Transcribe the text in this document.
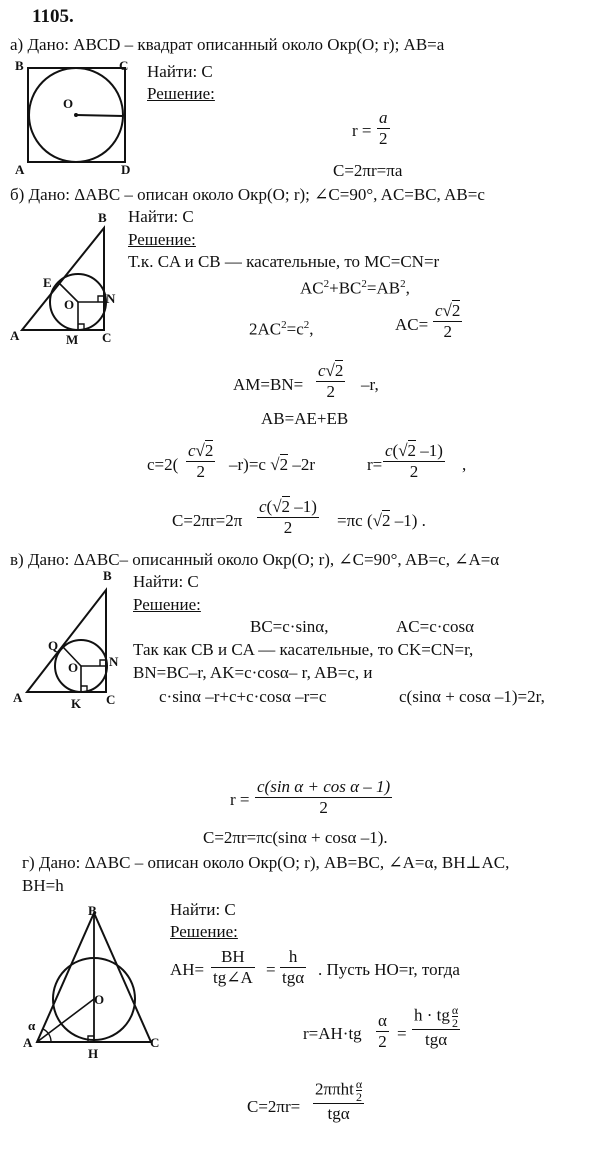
1105.
а) Дано: ABCD – квадрат описанный около Окр(O; r); AB=a
B	C
A	D
O
Найти: C
Решение:
$r = \frac{a}{2}$
C=2πr=πa
б) Дано: ΔABC – описан около Окр(O; r); ∠C=90°, AC=BC, AB=c
B
E
O N
A	M C
Найти: C
Решение:
Т.к. CA и CB — касательные, то MC=CN=r
$AC^2+BC^2=AB^2$,
$2AC^2=c^2$,	$AC= \frac{c√2}{2}$
$AM=BN= \frac{c√2}{2} -r$,
AB=AE+EB
$c=2( \frac{c√2}{2} -r)=c$ √2 –2r	$r= \frac{c(√2 -1)}{2}$ ,
$C=2\pi r=2\pi \frac{c(√2 -1)}{2} =\pi c$ (√2 –1) .
в) Дано: ΔABC– описанный около Окр(O; r), ∠C=90°, AB=c, ∠A=α
B
Q
O N
A	K C
Найти: C
Решение:
BC=c·sinα,	AC=c·cosα
Так как CB и CA — касательные, то CK=CN=r,
BN=BC–r, AK=c·cosα– r, AB=c, и
c·sinα –r+c+c·cosα –r=c	c(sinα + cosα –1)=2r,
$r = \frac{\text{c(sin α + cos α – 1)}}{2}$
C=2πr=πc(sinα + cosα –1).
г) Дано: ΔABC – описан около Окр(O; r), AB=BC, ∠A=α, BH⊥AC,
BH=h
B
O
α
A
H
C
Найти: C
Решение:
$AH= \frac{BH}{tg\angle A}$ =
h
tgα . Пусть HO=r, тогда
$r=AH\cdot tg \frac{\alpha}{2}$ =
h · tg $\frac{\alpha}{2}$
tgα
C=2πr=
$2\pi\pi ht \frac{\alpha}{2}$
tgα
